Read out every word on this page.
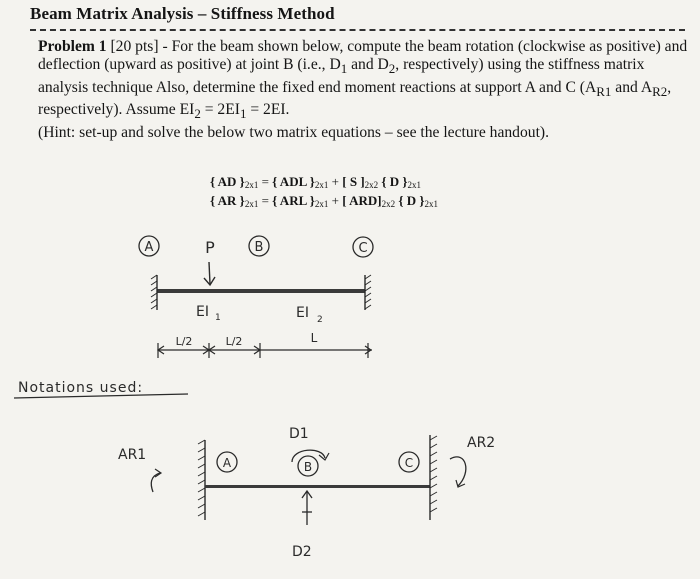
Beam Matrix Analysis – Stiffness Method
Problem 1 [20 pts] - For the beam shown below, compute the beam rotation (clockwise as positive) and deflection (upward as positive) at joint B (i.e., $D_1$ and $D_2$, respectively) using the stiffness matrix analysis technique Also, determine the fixed end moment reactions at support A and C ($A_{R1}$ and $A_{R2}$, respectively). Assume $EI_2 = 2EI_1 = 2EI$.
(Hint: set-up and solve the below two matrix equations – see the lecture handout).
{ AD }$_{2x1}$ = { ADL }$_{2x1}$ + [ S ]$_{2x2}$ { D }$_{2x1}$
{ AR }$_{2x1}$ = { ARL }$_{2x1}$ + [ $ARD]_{2x2}$ { D }$_{2x1}$
A	P	B	C
EI 1	EI 2
L/2	L/2	L
Notations used:
AR1	A	B	C
D1
D2
AR2
